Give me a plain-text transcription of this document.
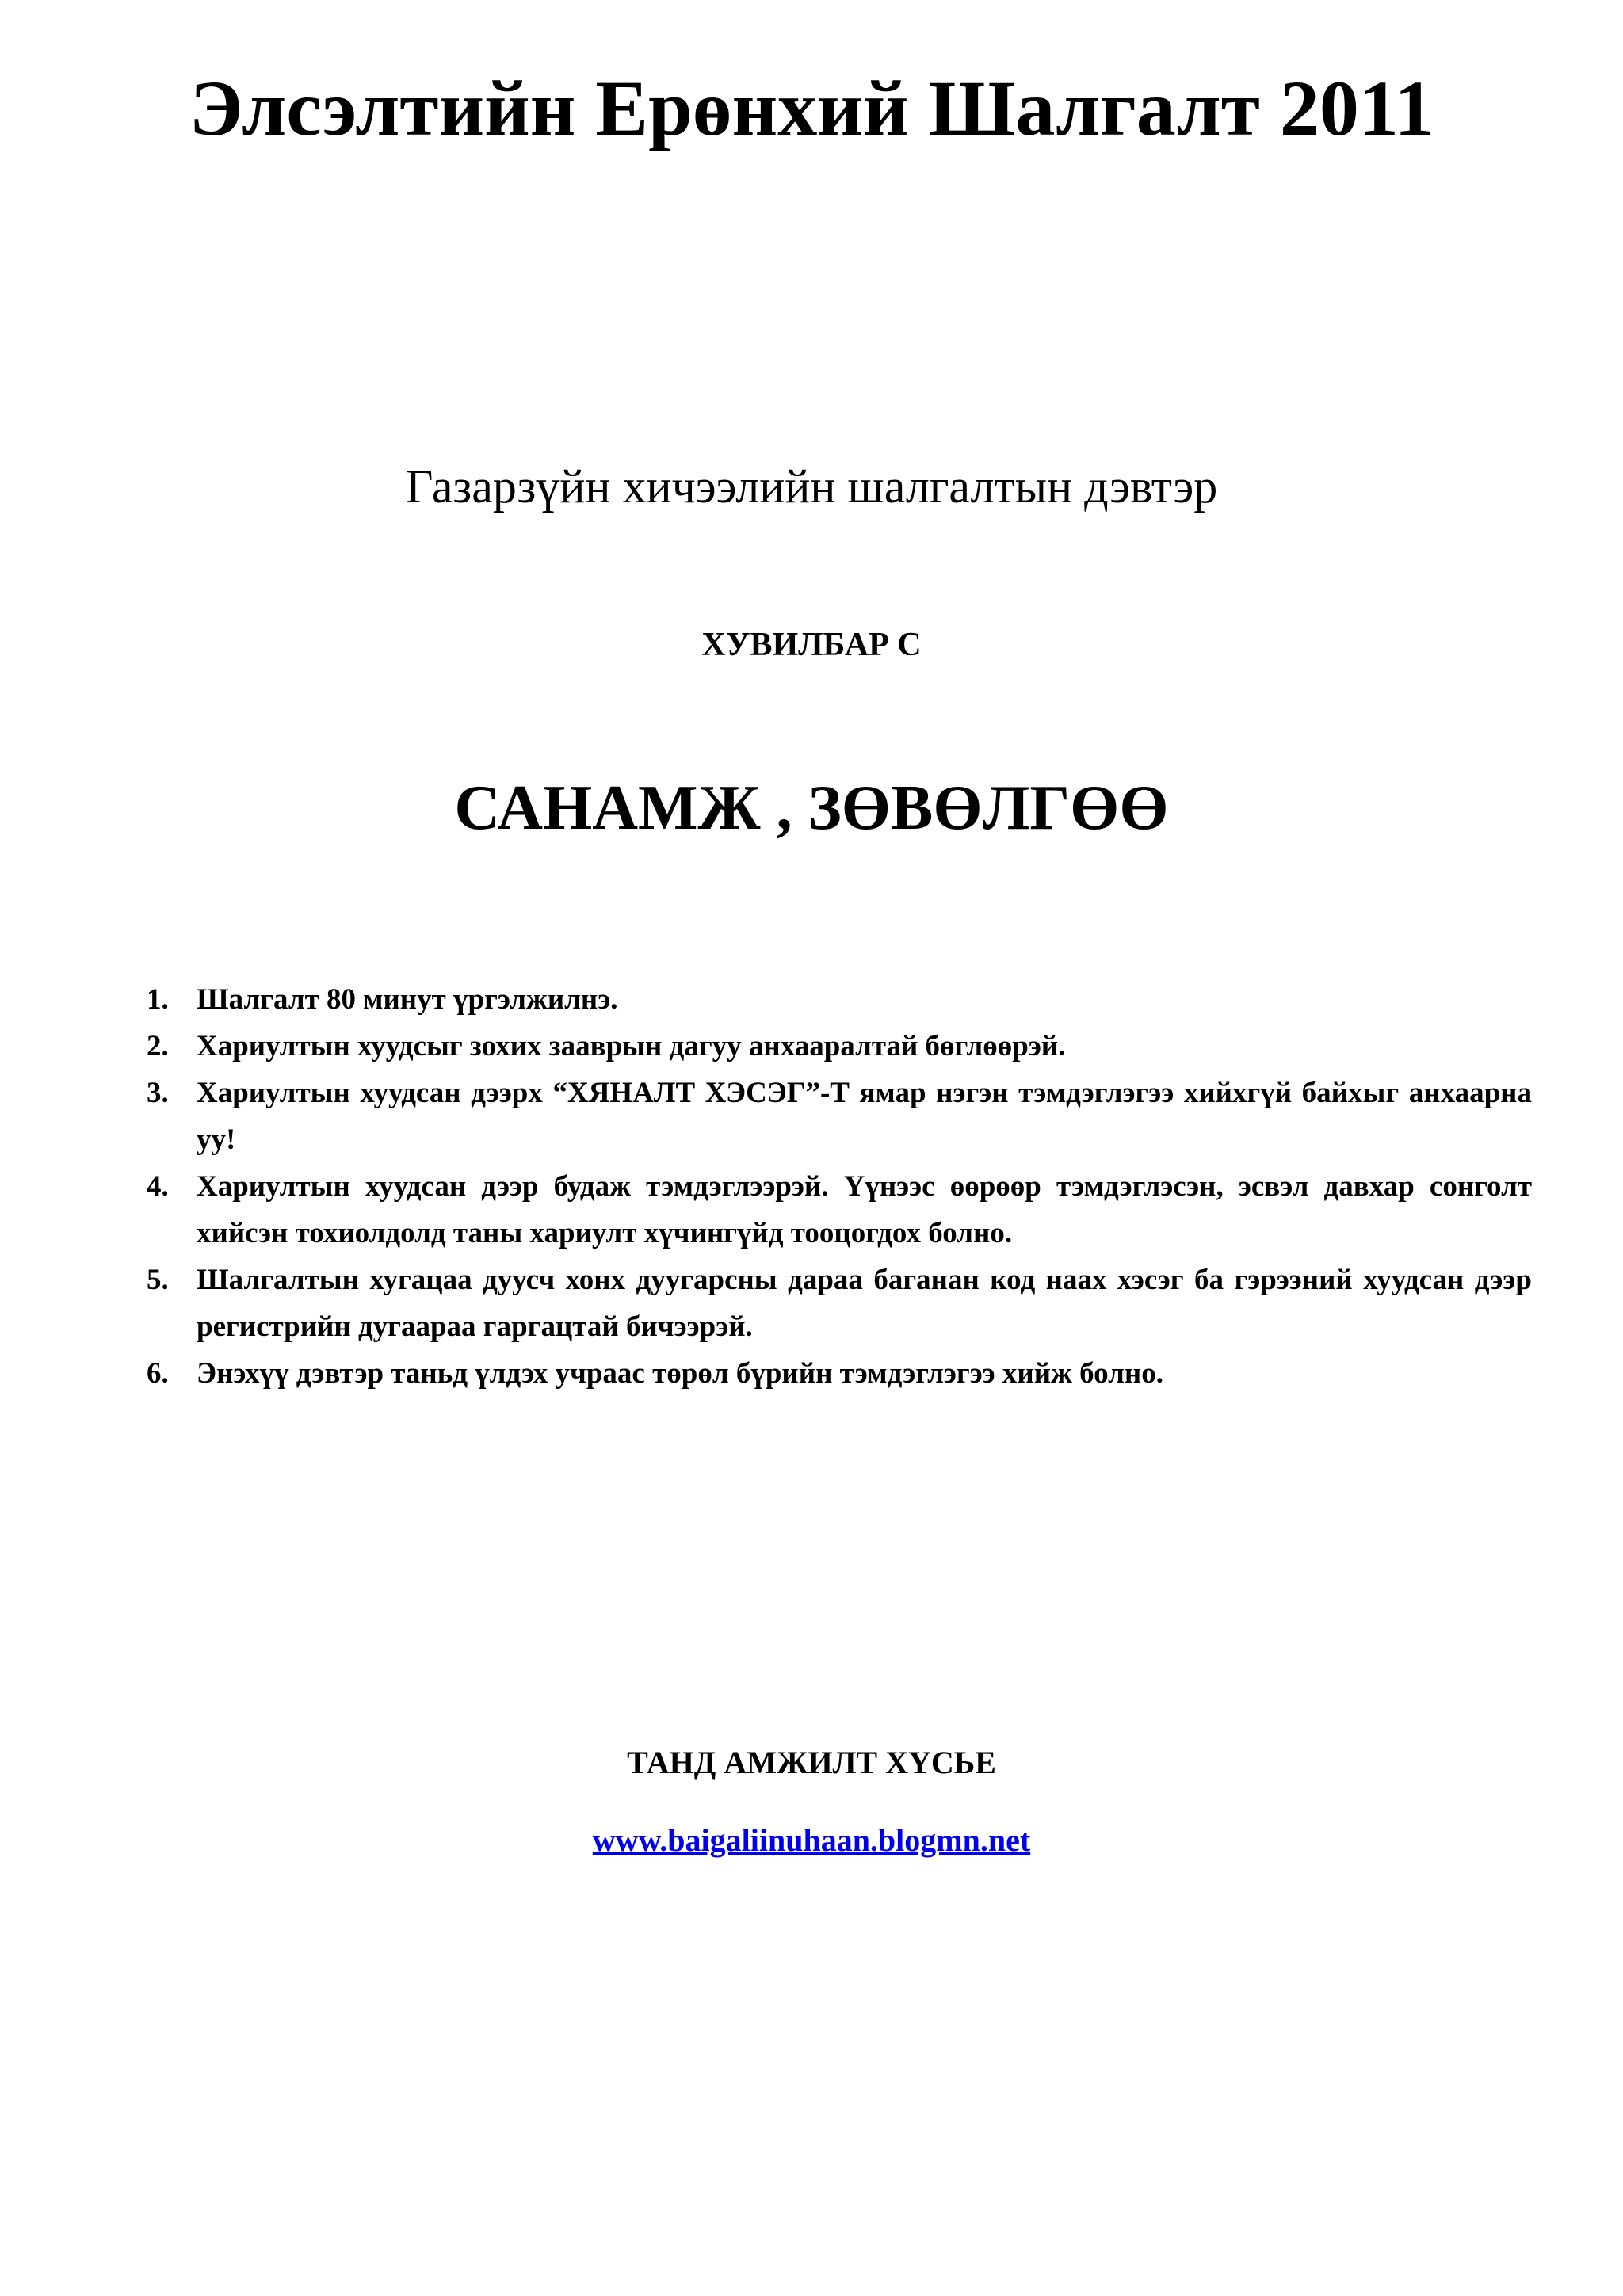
Элсэлтийн Ерөнхий Шалгалт 2011
Газарзүйн хичээлийн шалгалтын дэвтэр
ХУВИЛБАР C
САНАМЖ , ЗӨВӨЛГӨӨ
1. Шалгалт 80 минут үргэлжилнэ.
2. Хариултын хуудсыг зохих зааврын дагуу анхааралтай бөглөөрэй.
3. Хариултын хуудсан дээрх “ХЯНАЛТ ХЭСЭГ”-Т ямар нэгэн тэмдэглэгээ хийхгүй байхыг анхаарна уу!
4. Хариултын хуудсан дээр будаж тэмдэглээрэй. Үүнээс өөрөөр тэмдэглэсэн, эсвэл давхар сонголт хийсэн тохиолдолд таны хариулт хүчингүйд тооцогдох болно.
5. Шалгалтын хугацаа дуусч хонх дуугарсны дараа баганан код наах хэсэг ба гэрээний хуудсан дээр регистрийн дугаараа гаргацтай бичээрэй.
6. Энэхүү дэвтэр таньд үлдэх учраас төрөл бүрийн тэмдэглэгээ хийж болно.
ТАНД АМЖИЛТ ХҮСЬЕ
www.baigaliinuhaan.blogmn.net
